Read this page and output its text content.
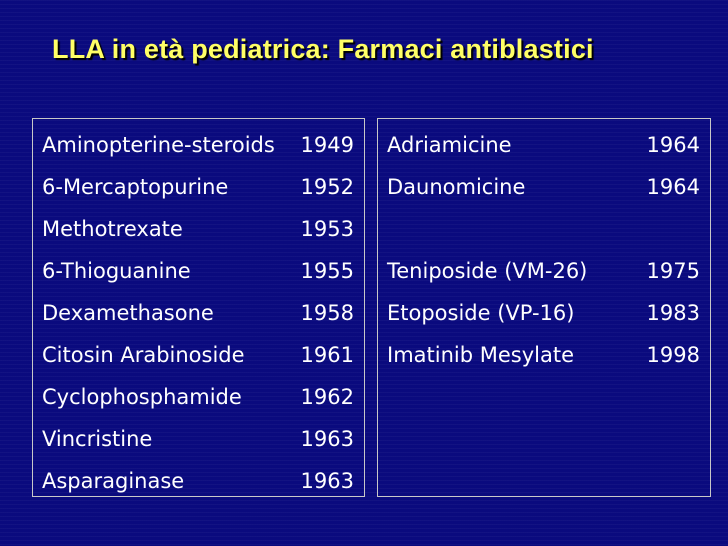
LLA in età pediatrica: Farmaci antiblastici
Aminopterine-steroids 1949
6-Mercaptopurine	1952
Methotrexate	1953
6-Thioguanine	1955
Dexamethasone	1958
Citosin Arabinoside	1961
Cyclophosphamide	1962
Vincristine	1963
Asparaginase	1963
Adriamicine	1964
Daunomicine	1964
Teniposide (VM-26)	1975
Etoposide (VP-16)	1983
Imatinib Mesylate	1998
